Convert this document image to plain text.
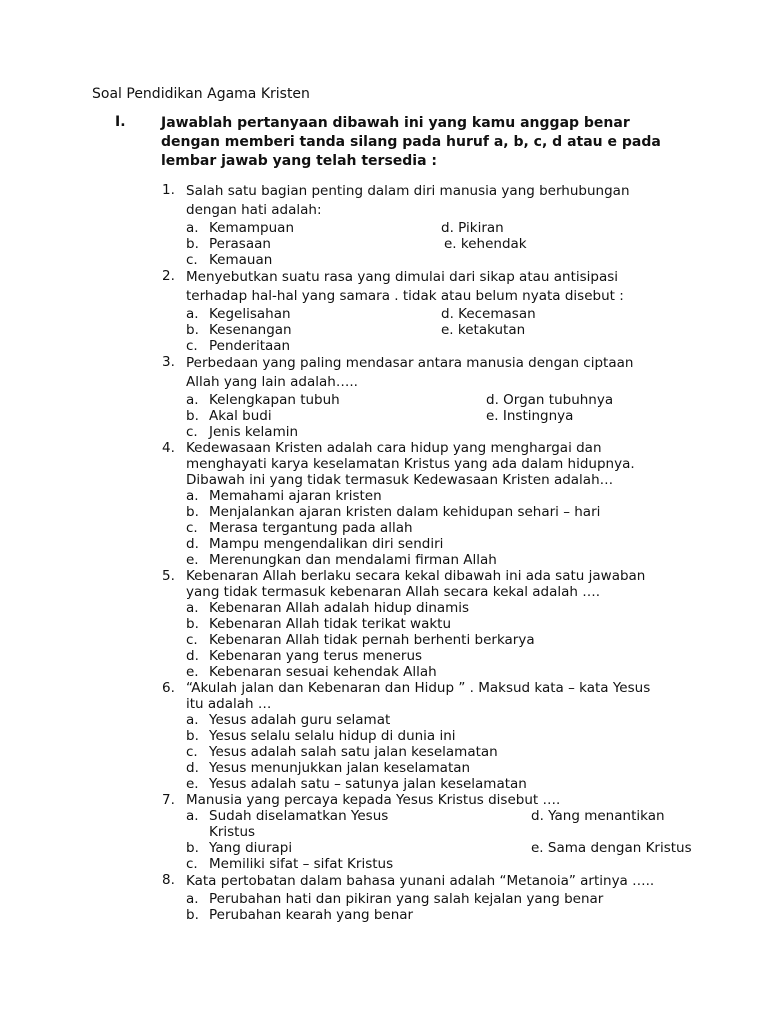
Soal Pendidikan Agama Kristen
I.	Jawablah pertanyaan dibawah ini yang kamu anggap benar dengan memberi tanda silang pada huruf a, b, c, d atau e pada lembar jawab yang telah tersedia :
1. Salah satu bagian penting dalam diri manusia yang berhubungan dengan hati adalah:
a. Kemampuan	d. Pikiran
b. Perasaan	e. kehendak
c. Kemauan
2. Menyebutkan suatu rasa yang dimulai dari sikap atau antisipasi terhadap hal-hal yang samara . tidak atau belum nyata disebut :
a. Kegelisahan	d. Kecemasan
b. Kesenangan	e. ketakutan
c. Penderitaan
3. Perbedaan yang paling mendasar antara manusia dengan ciptaan Allah yang lain adalah…..
a. Kelengkapan tubuh	d. Organ tubuhnya
b. Akal budi	e. Instingnya
c. Jenis kelamin
4. Kedewasaan Kristen adalah cara hidup yang menghargai dan menghayati karya keselamatan Kristus yang ada dalam hidupnya. Dibawah ini yang tidak termasuk Kedewasaan Kristen adalah…
a. Memahami ajaran kristen
b. Menjalankan ajaran kristen dalam kehidupan sehari – hari
c. Merasa tergantung pada allah
d. Mampu mengendalikan diri sendiri
e. Merenungkan dan mendalami firman Allah
5. Kebenaran Allah berlaku secara kekal dibawah ini ada satu jawaban yang tidak termasuk kebenaran Allah secara kekal adalah ….
a. Kebenaran Allah adalah hidup dinamis
b. Kebenaran Allah tidak terikat waktu
c. Kebenaran Allah tidak pernah berhenti berkarya
d. Kebenaran yang terus menerus
e. Kebenaran sesuai kehendak Allah
6. “Akulah jalan dan Kebenaran dan Hidup ” . Maksud kata – kata Yesus itu adalah …
a. Yesus adalah guru selamat
b. Yesus selalu selalu hidup di dunia ini
c. Yesus adalah salah satu jalan keselamatan
d. Yesus menunjukkan jalan keselamatan
e. Yesus adalah satu – satunya jalan keselamatan
7. Manusia yang percaya kepada Yesus Kristus disebut ….
a. Sudah diselamatkan Yesus	d. Yang menantikan
Kristus
b. Yang diurapi	e. Sama dengan Kristus
c. Memiliki sifat – sifat Kristus
8. Kata pertobatan dalam bahasa yunani adalah “Metanoia” artinya …..
a. Perubahan hati dan pikiran yang salah kejalan yang benar
b. Perubahan kearah yang benar
